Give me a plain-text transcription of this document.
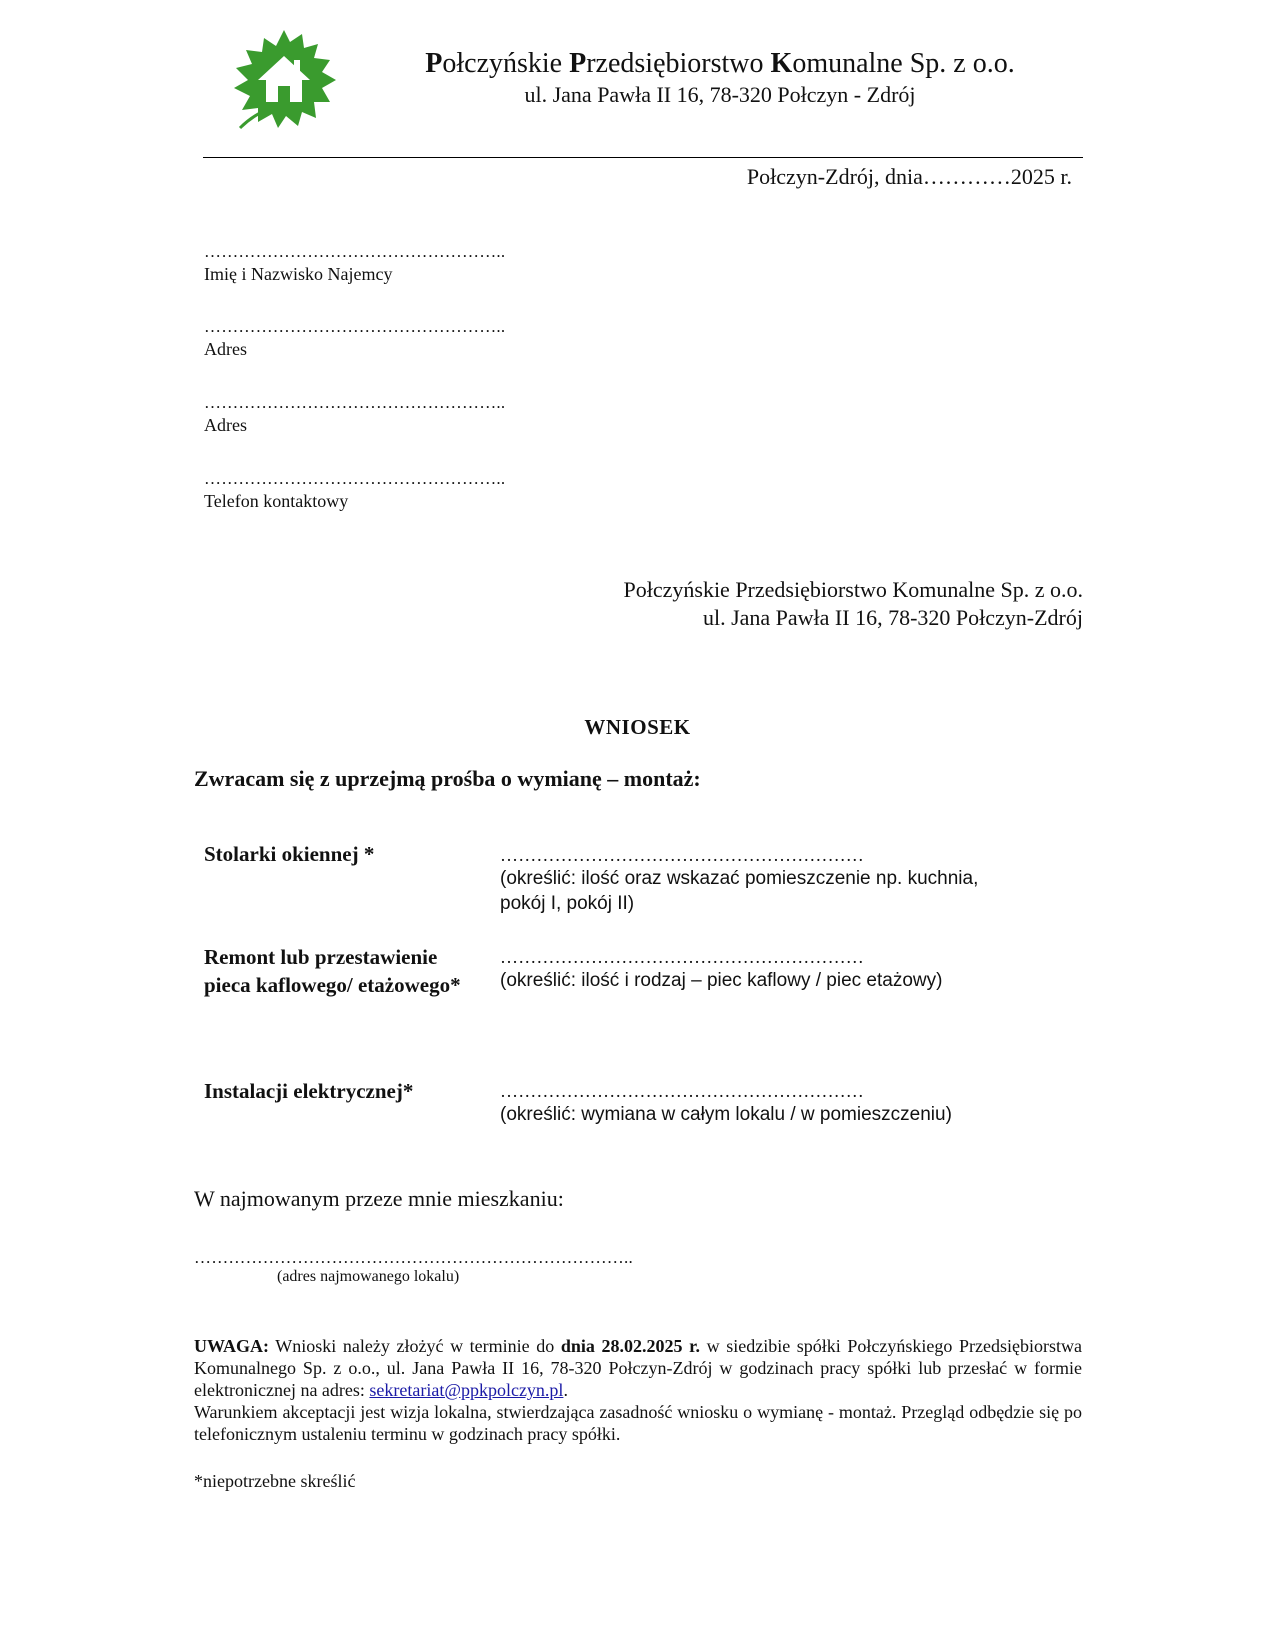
Połczyńskie Przedsiębiorstwo Komunalne Sp. z o.o.
ul. Jana Pawła II 16, 78-320 Połczyn - Zdrój
Połczyn-Zdrój, dnia…………2025 r.
……………………………………………..
Imię i Nazwisko Najemcy
……………………………………………..
Adres
……………………………………………..
Adres
……………………………………………..
Telefon kontaktowy
Połczyńskie Przedsiębiorstwo Komunalne Sp. z o.o.
ul. Jana Pawła II 16, 78-320 Połczyn-Zdrój
WNIOSEK
Zwracam się z uprzejmą prośba o wymianę – montaż:
Stolarki okiennej *	……………………………………………………
(określić: ilość oraz wskazać pomieszczenie np. kuchnia, pokój I, pokój II)
Remont lub przestawienie pieca kaflowego/ etażowego*
……………………………………………………
(określić: ilość i rodzaj – piec kaflowy / piec etażowy)
Instalacji elektrycznej*	……………………………………………………
(określić: wymiana w całym lokalu / w pomieszczeniu)
W najmowanym przeze mnie mieszkaniu:
…………………………………………………………………..
(adres najmowanego lokalu)

UWAGA: Wnioski należy złożyć w terminie do dnia 28.02.2025 r. w siedzibie spółki Połczyńskiego Przedsiębiorstwa Komunalnego Sp. z o.o., ul. Jana Pawła II 16, 78-320 Połczyn-Zdrój w godzinach pracy spółki lub przesłać w formie elektronicznej na adres: sekretariat@ppkpolczyn.pl.

Warunkiem akceptacji jest wizja lokalna, stwierdzająca zasadność wniosku o wymianę - montaż. Przegląd odbędzie się po telefonicznym ustaleniu terminu w godzinach pracy spółki.

*niepotrzebne skreślić
